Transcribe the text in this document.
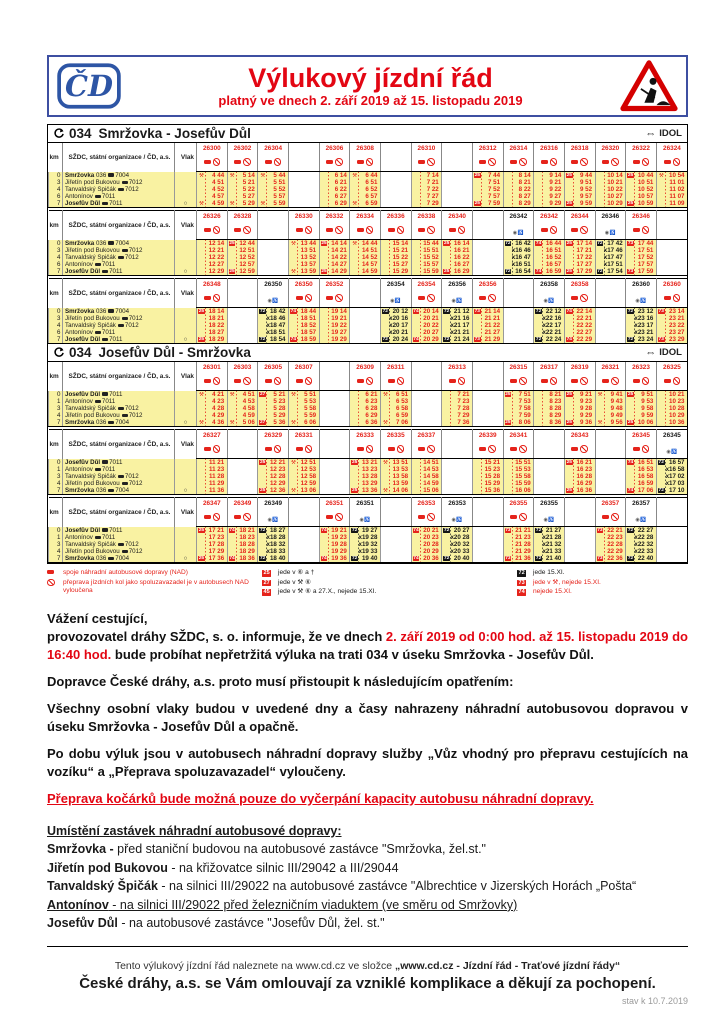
ČD	Výlukový jízdní řád
platný ve dnech 2. září 2019 až 15. listopadu 2019
034 Smržovka - Josefův Důl	⇔ IDOL
km	SŽDC, státní organizace / ČD, a.s.	Vlak	26300	26302	26304		26306	26308		26310		26312	26314	26316	26318	26320	26322	26324

0	Smržovka 036 7004		⚒ 4 44	⚒ 5 14	⚒ 5 44		6 14	⚒ 6 44		7 14		25 7 44	8 14	9 14	25 9 44	10 14	25 10 44	⚒ 10 54
3	Jiřetín pod Bukovou 7012		4 51	5 21	5 51		6 21	6 51		7 21		7 51	8 21	9 21	9 51	10 21	10 51	11 01
4	Tanvaldský Špičák 7012		4 52	5 22	5 52		6 22	6 52		7 22		7 52	8 22	9 22	9 52	10 22	10 52	11 02
6	Antonínov 7011		4 57	5 27	5 57		6 27	6 57		7 27		7 57	8 27	9 27	9 57	10 27	10 57	11 07
7	Josefův Důl 7011	○	⚒ 4 59	⚒ 5 29	⚒ 5 59		6 29	⚒ 6 59		7 29		25 7 59	8 29	9 29	25 9 59	10 29	25 10 59	11 09
km	SŽDC, státní organizace / ČD, a.s.	Vlak	26326	26328		26330	26332	26334	26336	26338	26340		26342	26342	26344	26346	26346	
													◉♿			◉♿		
0	Smržovka 036 7004		12 14	25 12 44		⚒ 13 44	25 14 14	⚒ 14 44	15 14	15 44	25 16 14		72 16 42	74 16 44	25 17 14	72 17 42	73 17 44	
3	Jiřetín pod Bukovou 7012		12 21	12 51		13 51	14 21	14 51	15 21	15 51	16 21		x16 46	16 51	17 21	x17 46	17 51	
4	Tanvaldský Špičák 7012		12 22	12 52		13 52	14 22	14 52	15 22	15 52	16 22		x16 47	16 52	17 22	x17 47	17 52	
6	Antonínov 7011		12 27	12 57		13 57	14 27	14 57	15 27	15 57	16 27		x16 51	16 57	17 27	x17 51	17 57	
7	Josefův Důl 7011	○	12 29	25 12 59		⚒ 13 59	25 14 29	14 59	15 29	15 59	25 16 29		72 16 54	74 16 59	25 17 29	72 17 54	73 17 59	
km	SŽDC, státní organizace / ČD, a.s.	Vlak	26348		26350	26350	26352		26354	26354	26356	26356		26358	26358		26360	26360
					◉♿				◉♿		◉♿			◉♿			◉♿	
0	Smržovka 036 7004		25 18 14		72 18 42	74 18 44	19 14		72 20 12	74 20 14	72 21 12	73 21 14		72 22 12	74 22 14		72 23 12	73 23 14
3	Jiřetín pod Bukovou 7012		18 21		x18 46	18 51	19 21		x20 16	20 21	x21 16	21 21		x22 16	22 21		x23 16	23 21
4	Tanvaldský Špičák 7012		18 22		x18 47	18 52	19 22		x20 17	20 22	x21 17	21 22		x22 17	22 22		x23 17	23 22
6	Antonínov 7011		18 27		x18 51	18 57	19 27		x20 21	20 27	x21 21	21 27		x22 21	22 27		x23 21	23 27
7	Josefův Důl 7011	○	25 18 29		72 18 54	74 18 59	19 29		72 20 24	74 20 29	72 21 24	73 21 29		72 22 24	74 22 29		72 23 24	73 23 29
034 Josefův Důl - Smržovka	⇔ IDOL
km	SŽDC, státní organizace / ČD, a.s.	Vlak	26301	26303	26305	26307		26309	26311		26313		26315	26317	26319	26321	26323	26325

0	Josefův Důl 7011		⚒ 4 21	⚒ 4 51	27 5 21	⚒ 5 51		6 21	⚒ 6 51		7 21		25 7 51	8 21	25 9 21	⚒ 9 41	25 9 51	10 21
1	Antonínov 7011		4 23	4 53	5 23	5 53		6 23	6 53		7 23		7 53	8 23	9 23	9 43	9 53	10 23
3	Tanvaldský Špičák 7012		4 28	4 58	5 28	5 58		6 28	6 58		7 28		7 58	8 28	9 28	9 48	9 58	10 28
4	Jiřetín pod Bukovou 7012		4 29	4 59	5 29	5 59		6 29	6 59		7 29		7 59	8 29	9 29	9 49	9 59	10 29
7	Smržovka 036 7004	○	⚒ 4 36	⚒ 5 06	27 5 36	⚒ 6 06		6 36	⚒ 7 06		7 36		25 8 06	8 36	25 9 36	⚒ 9 56	25 10 06	10 36
km	SŽDC, státní organizace / ČD, a.s.	Vlak	26327		26329	26331		26333	26335	26337		26339	26341		26343		26345	26345
																		◉♿
0	Josefův Důl 7011		11 21		25 12 21	⚒ 12 51		25 13 21	⚒ 13 51	14 51		15 21	15 51		25 16 21		74 16 51	72 16 57
1	Antonínov 7011		11 23		12 23	12 53		13 23	13 53	14 53		15 23	15 53		16 23		16 53	x16 58
3	Tanvaldský Špičák 7012		11 28		12 28	12 58		13 28	13 58	14 58		15 28	15 58		16 28		16 58	x17 02
4	Jiřetín pod Bukovou 7012		11 29		12 29	12 59		13 29	13 59	14 59		15 29	15 59		16 29		16 59	x17 03
7	Smržovka 036 7004	○	11 36		25 12 36	⚒ 13 06		25 13 36	⚒ 14 06	15 06		15 36	16 06		25 16 36		74 17 06	72 17 10
km	SŽDC, státní organizace / ČD, a.s.	Vlak	26347	26349	26349		26351	26351		26353	26353		26355	26355		26357	26357	
					◉♿			◉♿			◉♿			◉♿			◉♿	
0	Josefův Důl 7011		25 17 21	74 18 21	72 18 27		74 19 21	72 19 27		74 20 21	72 20 27		73 21 21	72 21 27		73 22 21	72 22 27	
1	Antonínov 7011		17 23	18 23	x18 28		19 23	x19 28		20 23	x20 28		21 23	x21 28		22 23	x22 28	
3	Tanvaldský Špičák 7012		17 28	18 28	x18 32		19 28	x19 32		20 28	x20 32		21 28	x21 32		22 28	x22 32	
4	Jiřetín pod Bukovou 7012		17 29	18 29	x18 33		19 29	x19 33		20 29	x20 33		21 29	x21 33		22 29	x22 33	
7	Smržovka 036 7004	○	25 17 36	74 18 36	72 18 40		74 19 36	72 19 40		74 20 36	72 20 40		73 21 36	72 21 40		73 22 36	72 22 40	
spoje náhradní autobusové dopravy (NAD)
přeprava jízdních kol jako spoluzavazadel je v autobusech NAD vyloučena
25	jede v ⑥ a †
27	jede v ⚒ ⑥
45	jede v ⚒ ⑥ a 27.X., nejede 15.XI.
72	jede 15.XI.
73	jede v ⚒, nejede 15.XI.
74	nejede 15.XI.

Vážení cestující,
provozovatel dráhy SŽDC, s. o. informuje, že ve dnech 2. září 2019 od 0:00 hod. až 15. listopadu 2019 do 16:40 hod. bude probíhat nepřetržitá výluka na trati 034 v úseku Smržovka - Josefův Důl.

Dopravce České dráhy, a.s. proto musí přistoupit k následujícím opatřením:

Všechny osobní vlaky budou v uvedené dny a časy nahrazeny náhradní autobusovou dopravou v úseku Smržovka - Josefův Důl a opačně.

Po dobu výluk jsou v autobusech náhradní dopravy služby „Vůz vhodný pro přepravu cestujících na vozíku“ a „Přeprava spoluzavazadel“ vyloučeny.

Přeprava kočárků bude možná pouze do vyčerpání kapacity autobusu náhradní dopravy.

Umístění zastávek náhradní autobusové dopravy:
Smržovka - před staniční budovou na autobusové zastávce "Smržovka, žel.st."
Jiřetín pod Bukovou - na křižovatce silnic III/29042 a III/29044
Tanvaldský Špičák - na silnici III/29022 na autobusové zastávce "Albrechtice v Jizerských Horách „Pošta“
Antonínov - na silnici III/29022 před železničním viaduktem (ve směru od Smržovky)
Josefův Důl - na autobusové zastávce "Josefův Důl, žel. st."
Tento výlukový jízdní řád naleznete na www.cd.cz ve složce „www.cd.cz - Jízdní řád - Traťové jízdní řády“
České dráhy, a.s. se Vám omlouvají za vzniklé komplikace a děkují za pochopení.
stav k 10.7.2019
